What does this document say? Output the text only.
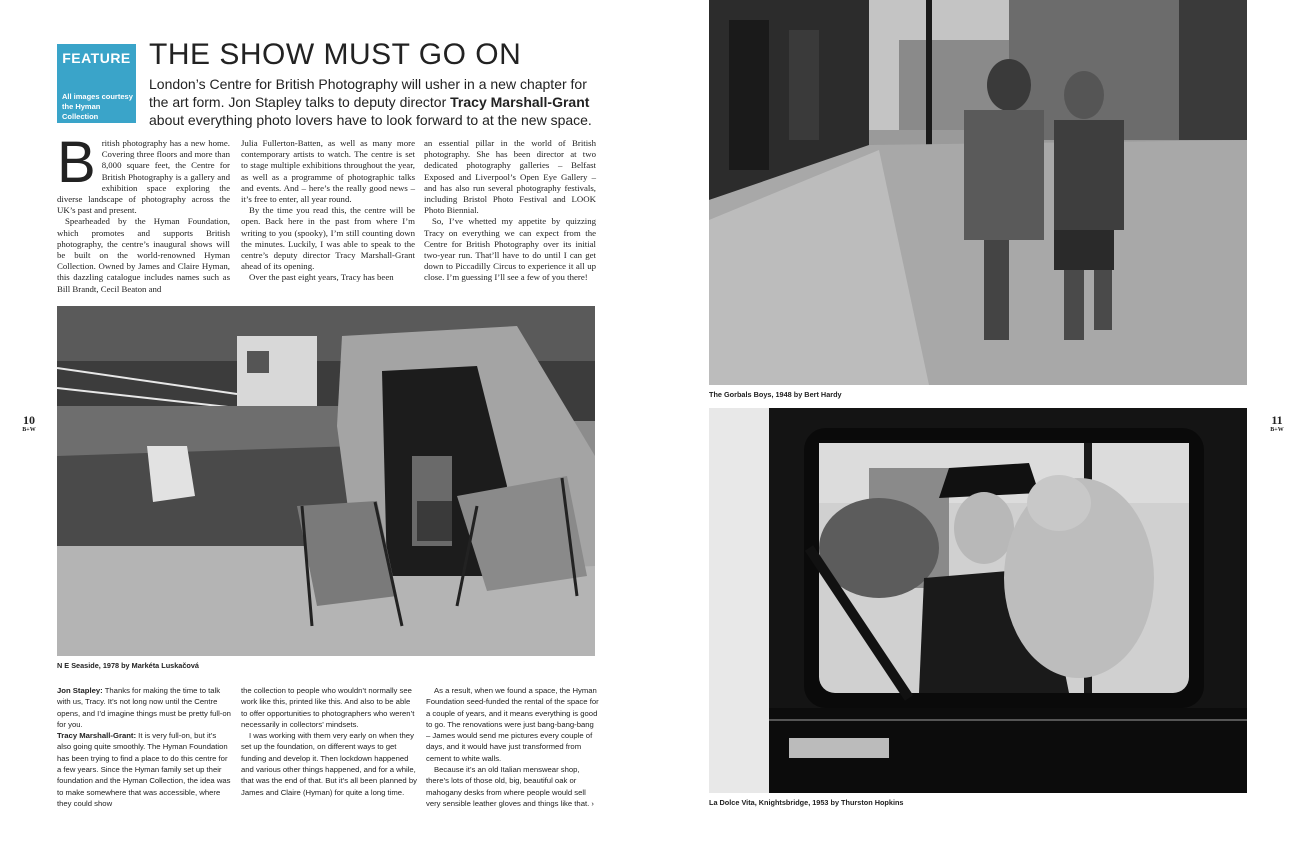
FEATURE
All images courtesy the Hyman Collection
THE SHOW MUST GO ON
London’s Centre for British Photography will usher in a new chapter for the art form. Jon Stapley talks to deputy director Tracy Marshall-Grant about everything photo lovers have to look forward to at the new space.

British photography has a new home. Covering three floors and more than 8,000 square feet, the Centre for British Photography is a gallery and exhibition space exploring the diverse landscape of photography across the UK’s past and present.

Spearheaded by the Hyman Foundation, which promotes and supports British photography, the centre’s inaugural shows will be built on the world-renowned Hyman Collection. Owned by James and Claire Hyman, this dazzling catalogue includes names such as Bill Brandt, Cecil Beaton and

Julia Fullerton-Batten, as well as many more contemporary artists to watch. The centre is set to stage multiple exhibitions throughout the year, as well as a programme of photographic talks and events. And – here’s the really good news – it’s free to enter, all year round.

By the time you read this, the centre will be open. Back here in the past from where I’m writing to you (spooky), I’m still counting down the minutes. Luckily, I was able to speak to the centre’s deputy director Tracy Marshall-Grant ahead of its opening.

Over the past eight years, Tracy has been

an essential pillar in the world of British photography. She has been director at two dedicated photography galleries – Belfast Exposed and Liverpool’s Open Eye Gallery – and has also run several photography festivals, including Bristol Photo Festival and LOOK Photo Biennial.

So, I’ve whetted my appetite by quizzing Tracy on everything we can expect from the Centre for British Photography over its initial two-year run. That’ll have to do until I can get down to Piccadilly Circus to experience it all up close. I’m guessing I’ll see a few of you there!

N E Seaside, 1978 by Markéta Luskačová

Jon Stapley: Thanks for making the time to talk with us, Tracy. It’s not long now until the Centre opens, and I’d imagine things must be pretty full-on for you.

Tracy Marshall-Grant: It is very full-on, but it’s also going quite smoothly. The Hyman Foundation has been trying to find a place to do this centre for a few years. Since the Hyman family set up their foundation and the Hyman Collection, the idea was to make somewhere that was accessible, where they could show

the collection to people who wouldn’t normally see work like this, printed like this. And also to be able to offer opportunities to photographers who weren’t necessarily in collectors’ mindsets.

I was working with them very early on when they set up the foundation, on different ways to get funding and develop it. Then lockdown happened and various other things happened, and for a while, that was the end of that. But it’s all been planned by James and Claire (Hyman) for quite a long time.

As a result, when we found a space, the Hyman Foundation seed-funded the rental of the space for a couple of years, and it means everything is good to go. The renovations were just bang-bang-bang – James would send me pictures every couple of days, and it would have just transformed from cement to white walls.

Because it’s an old Italian menswear shop, there’s lots of those old, big, beautiful oak or mahogany desks from where people would sell very sensible leather gloves and things like that. ›

10
B+W
11
B+W
The Gorbals Boys, 1948 by Bert Hardy
La Dolce Vita, Knightsbridge, 1953 by Thurston Hopkins
